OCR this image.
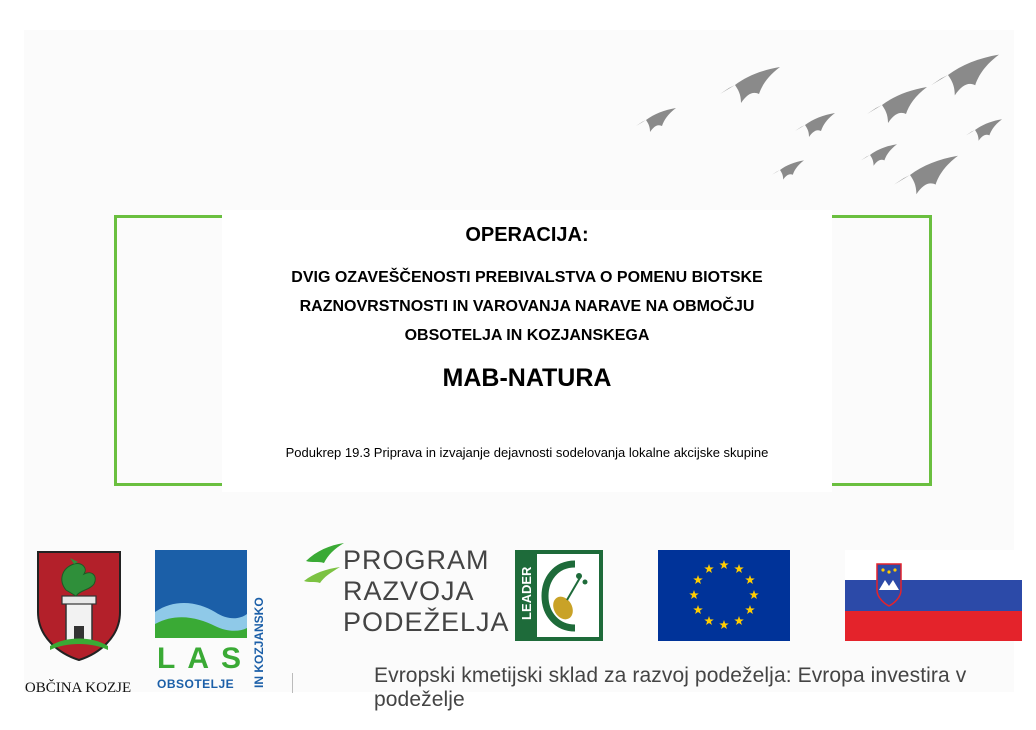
OPERACIJA:
DVIG OZAVEŠČENOSTI PREBIVALSTVA O POMENU BIOTSKE
RAZNOVRSTNOSTI IN VAROVANJA NARAVE NA OBMOČJU
OBSOTELJA IN KOZJANSKEGA
MAB-NATURA
Podukrep 19.3 Priprava in izvajanje dejavnosti sodelovanja lokalne akcijske skupine
OBČINA KOZJE
LAS
OBSOTELJE IN KOZJANSKO
PROGRAM
RAZVOJA
PODEŽELJA
LEADER
Evropski kmetijski sklad za razvoj podeželja: Evropa investira v podeželje
